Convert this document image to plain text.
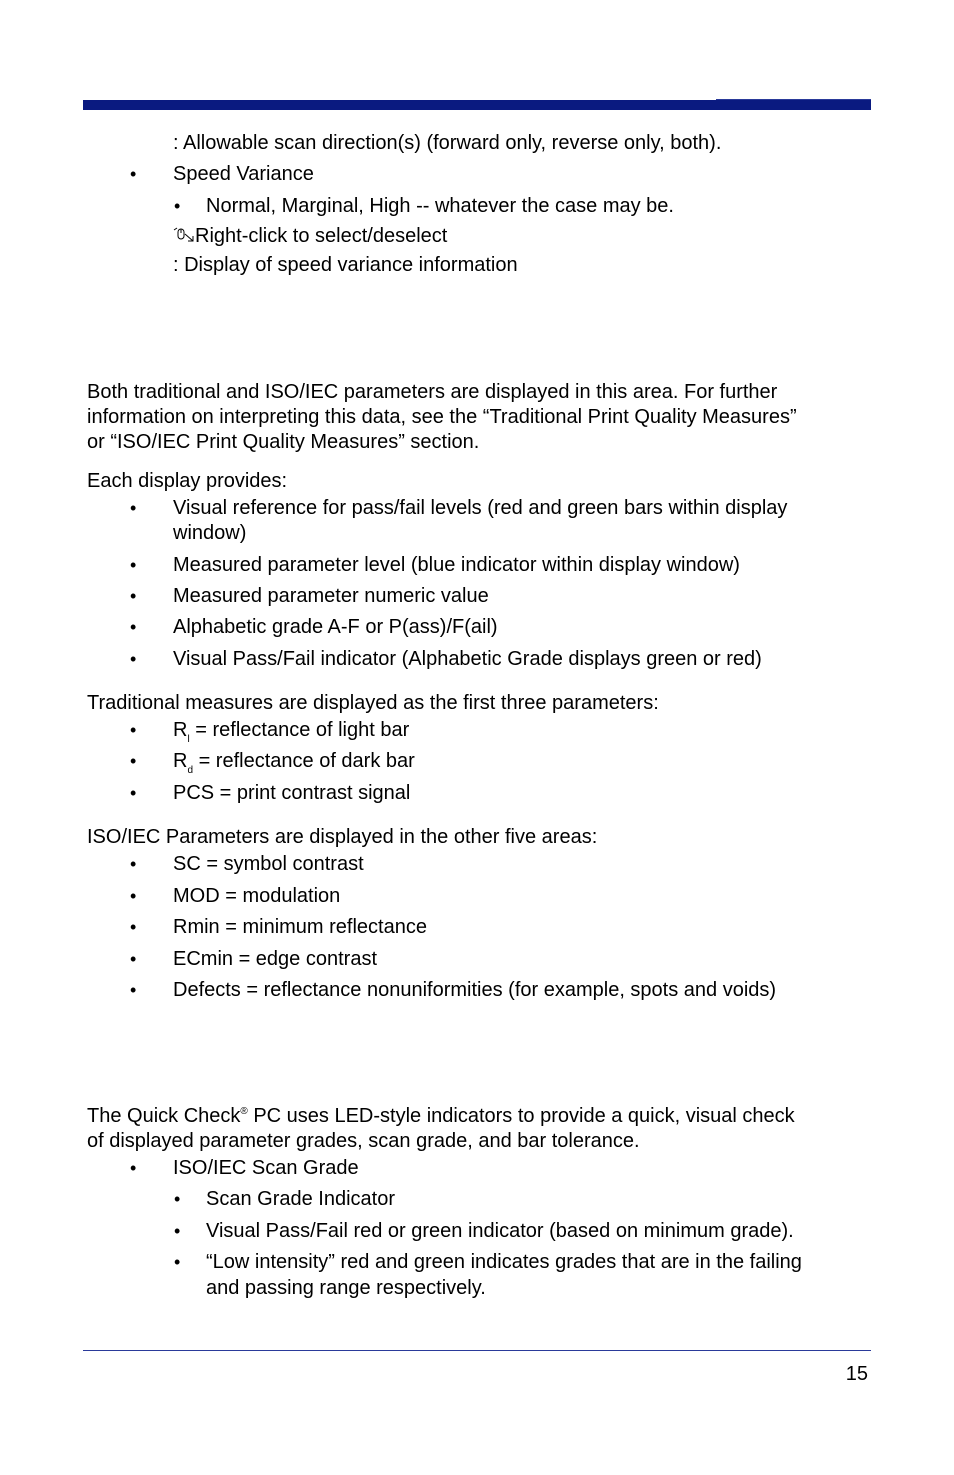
: Allowable scan direction(s) (forward only, reverse only, both).
• Speed Variance
• Normal, Marginal, High -- whatever the case may be.
Right-click to select/deselect
: Display of speed variance information
Both traditional and ISO/IEC parameters are displayed in this area. For further
information on interpreting this data, see the “Traditional Print Quality Measures”
or “ISO/IEC Print Quality Measures” section.
Each display provides:
• Visual reference for pass/fail levels (red and green bars within display
window)
• Measured parameter level (blue indicator within display window)
• Measured parameter numeric value
• Alphabetic grade A-F or P(ass)/F(ail)
• Visual Pass/Fail indicator (Alphabetic Grade displays green or red)
Traditional measures are displayed as the first three parameters:
• $R_l$ = reflectance of light bar
• $R_d$ = reflectance of dark bar
• PCS = print contrast signal
ISO/IEC Parameters are displayed in the other five areas:
• SC = symbol contrast
• MOD = modulation
• Rmin = minimum reflectance
• ECmin = edge contrast
• Defects = reflectance nonuniformities (for example, spots and voids)
The Quick Check® PC uses LED-style indicators to provide a quick, visual check
of displayed parameter grades, scan grade, and bar tolerance.
• ISO/IEC Scan Grade
• Scan Grade Indicator
• Visual Pass/Fail red or green indicator (based on minimum grade).
• “Low intensity” red and green indicates grades that are in the failing
and passing range respectively.
15
